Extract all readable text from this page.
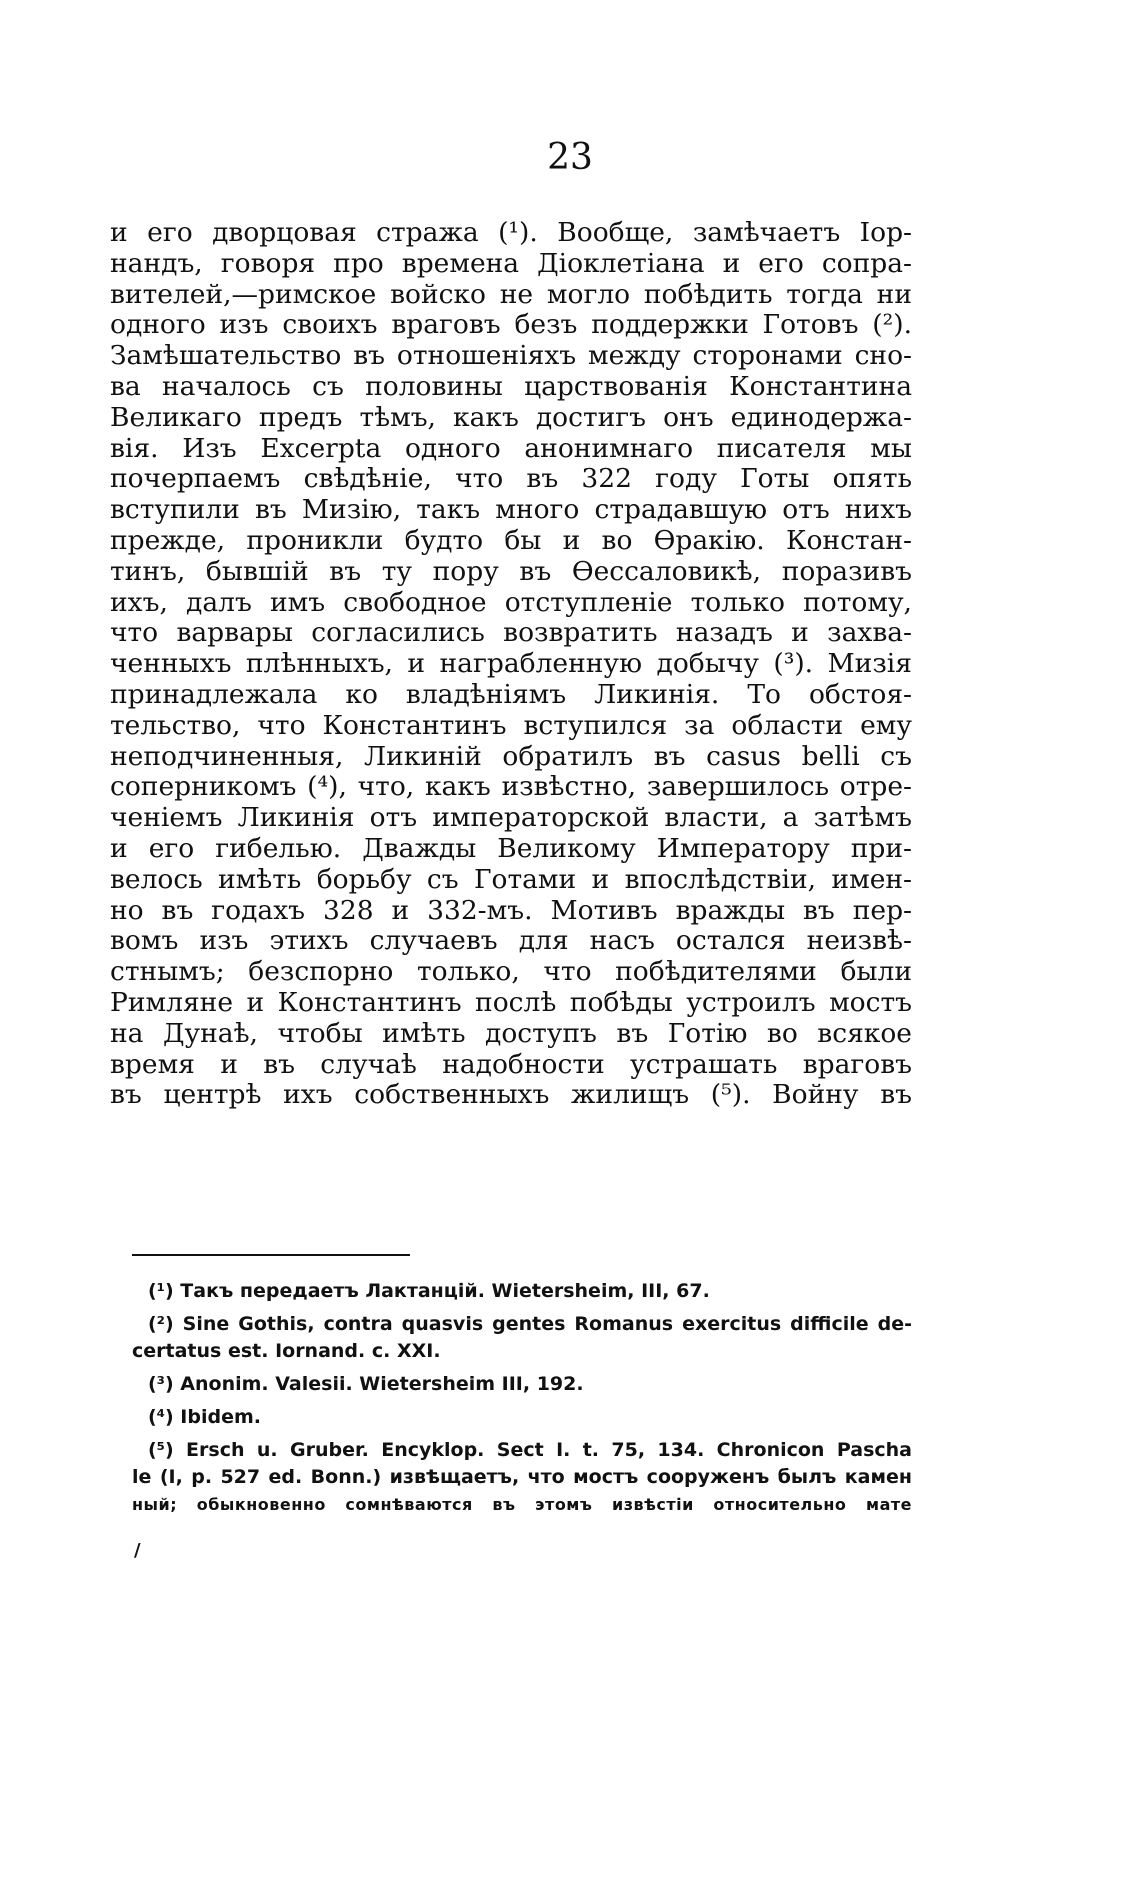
23
и его дворцовая стража (¹). Вообще, замѣчаетъ Іор-
нандъ, говоря про времена Діоклетіана и его сопра-
вителей,—римское войско не могло побѣдить тогда ни
одного изъ своихъ враговъ безъ поддержки Готовъ (²).
Замѣшательство въ отношеніяхъ между сторонами сно-
ва началось съ половины царствованія Константина
Великаго предъ тѣмъ, какъ достигъ онъ единодержа-
вія. Изъ Excerpta одного анонимнаго писателя мы
почерпаемъ свѣдѣніе, что въ 322 году Готы опять
вступили въ Мизію, такъ много страдавшую отъ нихъ
прежде, проникли будто бы и во Ѳракію. Констан-
тинъ, бывшій въ ту пору въ Ѳессаловикѣ, поразивъ
ихъ, далъ имъ свободное отступленіе только потому,
что варвары согласились возвратить назадъ и захва-
ченныхъ плѣнныхъ, и награбленную добычу (³). Мизія
принадлежала ко владѣніямъ Ликинія. То обстоя-
тельство, что Константинъ вступился за области ему
неподчиненныя, Ликиній обратилъ въ casus belli съ
соперникомъ (⁴), что, какъ извѣстно, завершилось отре-
ченіемъ Ликинія отъ императорской власти, а затѣмъ
и его гибелью. Дважды Великому Императору при-
велось имѣть борьбу съ Готами и впослѣдствіи, имен-
но въ годахъ 328 и 332-мъ. Мотивъ вражды въ пер-
вомъ изъ этихъ случаевъ для насъ остался неизвѣ-
стнымъ; безспорно только, что побѣдителями были
Римляне и Константинъ послѣ побѣды устроилъ мостъ
на Дунаѣ, чтобы имѣть доступъ въ Готію во всякое
время и въ случаѣ надобности устрашать враговъ
въ центрѣ ихъ собственныхъ жилищъ (⁵). Войну въ
(¹) Такъ передаетъ Лактанцій. Wietersheim, III, 67.
(²) Sine Gothis, contra quasvis gentes Romanus exercitus difficile de-
certatus est. Iornand. c. XXI.
(³) Anonim. Valesii. Wietersheim III, 192.
(⁴) Ibidem.
(⁵) Ersch u. Gruber. Encyklop. Sect I. t. 75, 134. Chronicon Pascha
le (I, p. 527 ed. Bonn.) извѣщаетъ, что мостъ сооруженъ былъ камен
ный; обыкновенно сомнѣваются въ этомъ извѣстіи относительно мате
/
